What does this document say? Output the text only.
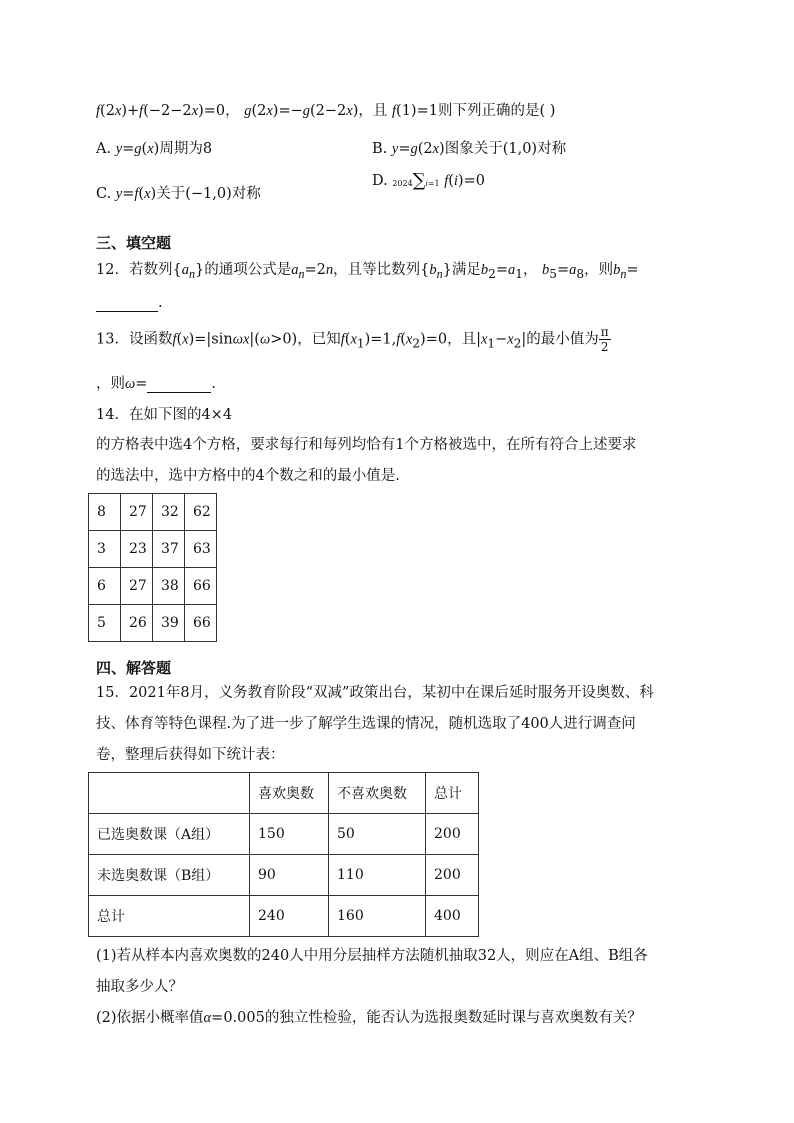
f(2x)+f(−2−2x)=0， g(2x)=−g(2−2x)，且 f(1)=1则下列正确的是( )
A. y=g(x)周期为8	B. y=g(2x)图象关于(1,0)对称
C. y=f(x)关于(−1,0)对称
D. 2024∑i=1 f(i)=0
三、填空题
12．若数列$\{a_n\}$的通项公式是$a_n=2n$，且等比数列$\{b_n\}$满足$b_2=a_1$， $b_5=a_8$，则$b_n=$
.
13．设函数f(x)=|sinωx|(ω>0)，已知$f(x_1)=1,f(x_2)=0$，且$|x_1-x_2|$的最小值为 $\frac{\pi}{2}$
，则ω=	.
14．在如下图的4×4
的方格表中选4个方格，要求每行和每列均恰有1个方格被选中，在所有符合上述要求
的选法中，选中方格中的4个数之和的最小值是.
8	27	32	62
3	23	37	63
6	27	38	66
5	26	39	66
四、解答题
15．2021年8月，义务教育阶段“双减”政策出台，某初中在课后延时服务开设奥数、科
技、体育等特色课程.为了进一步了解学生选课的情况，随机选取了400人进行调查问
卷，整理后获得如下统计表：
	喜欢奥数	不喜欢奥数	总计
已选奥数课（A组）	150	50	200
未选奥数课（B组）	90	110	200
总计	240	160	400
(1)若从样本内喜欢奥数的240人中用分层抽样方法随机抽取32人，则应在A组、B组各
抽取多少人？
(2)依据小概率值α=0.005的独立性检验，能否认为选报奥数延时课与喜欢奥数有关？
